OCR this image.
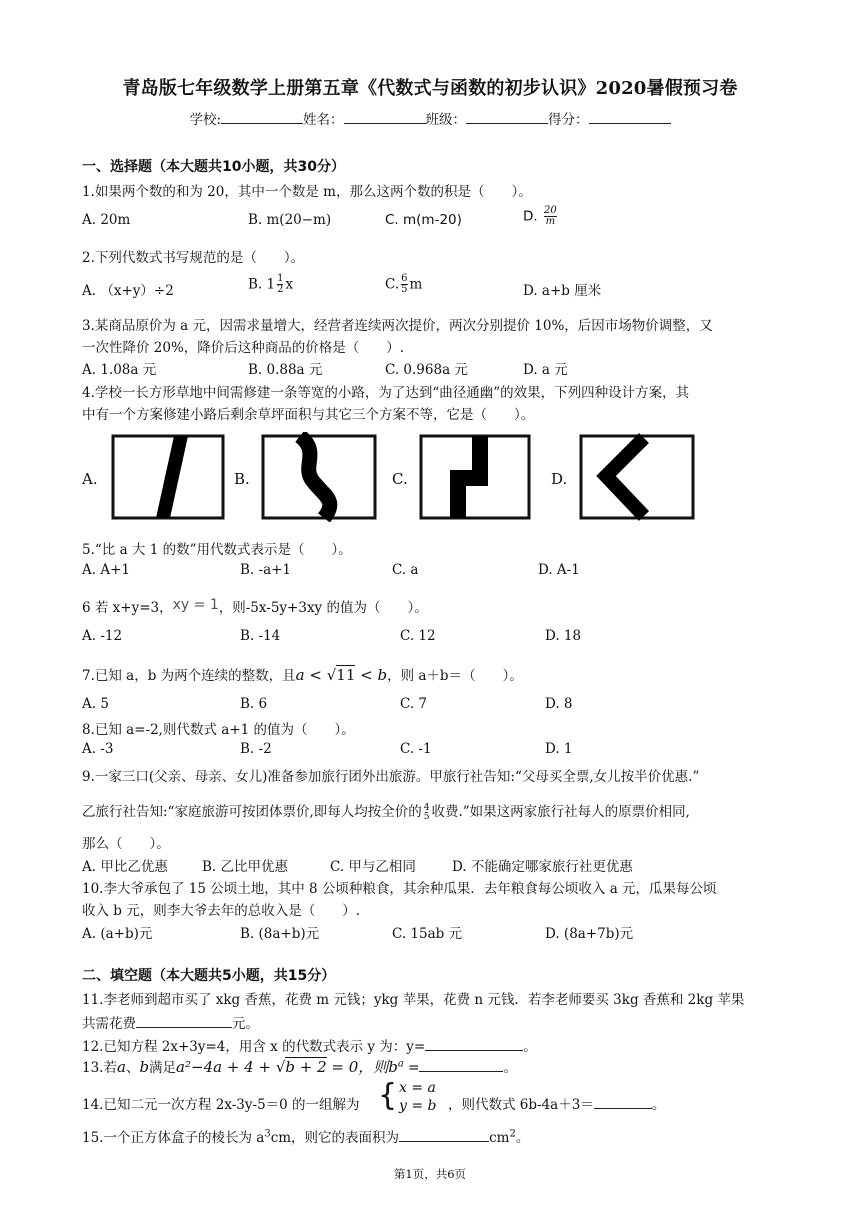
青岛版七年级数学上册第五章《代数式与函数的初步认识》2020暑假预习卷
学校:	姓名：	班级：	得分：
一、选择题（本大题共10小题，共30分）
1.如果两个数的和为 20，其中一个数是 m，那么这两个数的积是（　　）。
A. 20m	B. m(20−m)	C. m(m-20)	D. $\frac{20}{m}$
2.下列代数式书写规范的是（　　）。
A. （x+y）÷2	B. $1 \frac{1}{2}$ x	C. $\frac{6}{5}$ m	D. a+b 厘米
3.某商品原价为 a 元，因需求量增大，经营者连续两次提价，两次分别提价 10%，后因市场物价调整，又
一次性降价 20%，降价后这种商品的价格是（　　）.
A. 1.08a 元	B. 0.88a 元	C. 0.968a 元	D. a 元
4.学校一长方形草地中间需修建一条等宽的小路，为了达到“曲径通幽”的效果，下列四种设计方案，其
中有一个方案修建小路后剩余草坪面积与其它三个方案不等，它是（　　）。
A.	B.	C.	D.
5.“比 a 大 1 的数”用代数式表示是（　　）。
A. A+1	B. -a+1	C. a	D. A-1
6 若 x+y=3，xy = 1，则-5x-5y+3xy 的值为（　　）。
A. -12	B. -14	C. 12	D. 18
7.已知 a，b 为两个连续的整数，且a < √11 < b，则 a＋b＝（　　）。
A. 5	B. 6	C. 7	D. 8
8.已知 a=-2,则代数式 a+1 的值为（　　）。
A. -3	B. -2	C. -1	D. 1
9.一家三口(父亲、母亲、女儿)准备参加旅行团外出旅游。甲旅行社告知:“父母买全票,女儿按半价优惠.”
乙旅行社告知:“家庭旅游可按团体票价,即每人均按全价的 4
5 收费.”如果这两家旅行社每人的原票价相同,
那么（　　）。
A. 甲比乙优惠	B. 乙比甲优惠	C. 甲与乙相同	D. 不能确定哪家旅行社更优惠
10.李大爷承包了 15 公顷土地，其中 8 公顷种粮食，其余种瓜果．去年粮食每公顷收入 a 元，瓜果每公顷
收入 b 元，则李大爷去年的总收入是（　　）.
A. (a+b)元	B. (8a+b)元	C. 15ab 元	D. (8a+7b)元
二、填空题（本大题共5小题，共15分）
11.李老师到超市买了 xkg 香蕉，花费 m 元钱；ykg 苹果，花费 n 元钱．若李老师要买 3kg 香蕉和 2kg 苹果
共需花费	元。
12.已知方程 2x+3y=4，用含 x 的代数式表示 y 为：y=	。
13.若a、b满足a²−4a + 4 + √b + 2 = 0，则$b^a$ =	。
14.已知二元一次方程 2x-3y-5＝0 的一组解为 { x = a
y = b ，则代数式 6b-4a＋3＝	。
15.一个正方体盒子的棱长为 $a^3cm$，则它的表面积为	$cm^2$。
第1页，共6页
